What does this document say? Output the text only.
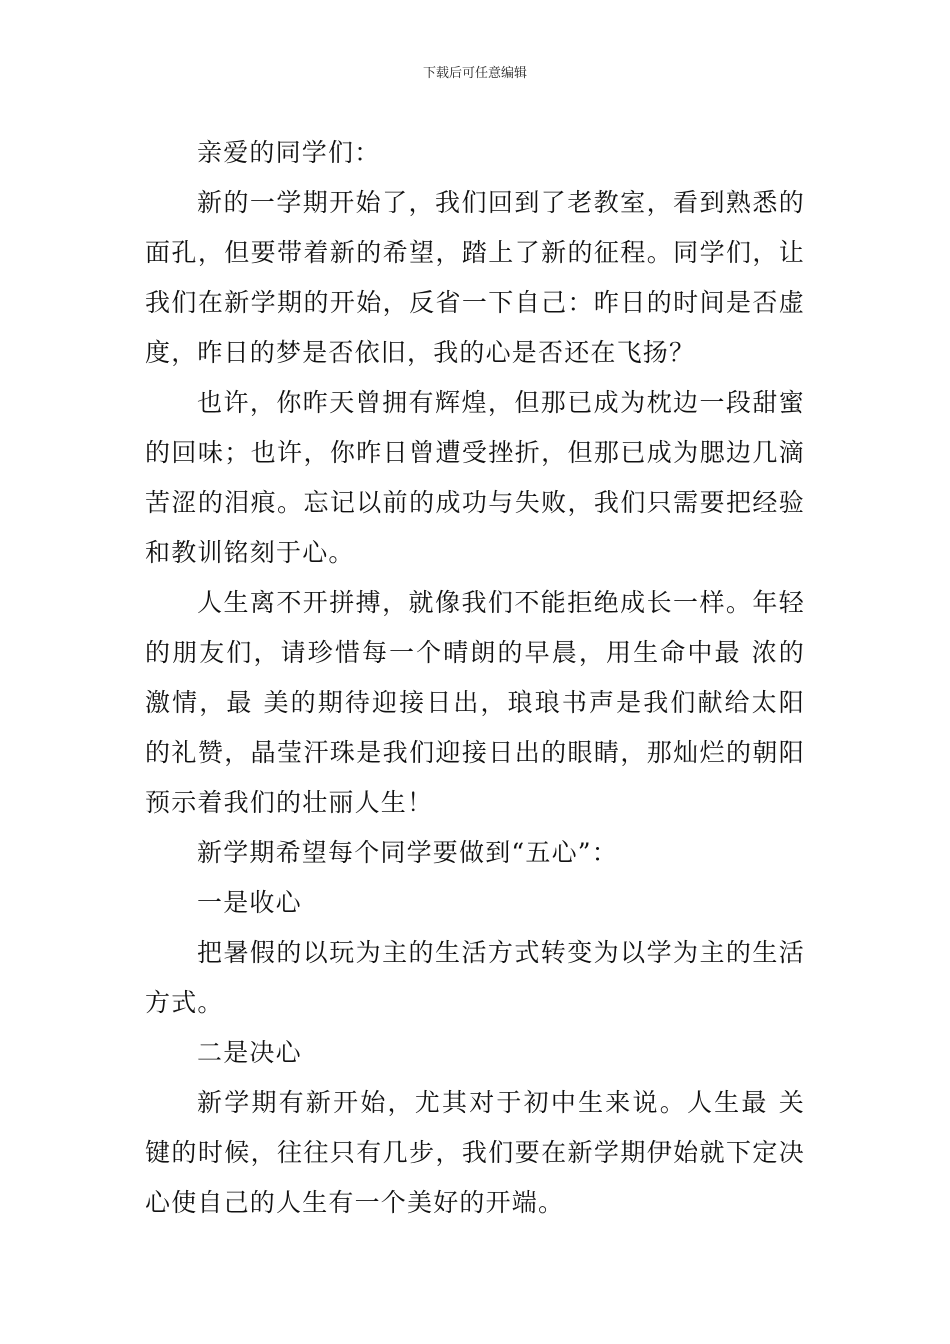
下载后可任意编辑

亲爱的同学们：

新的一学期开始了，我们回到了老教室，看到熟悉的面孔，但要带着新的希望，踏上了新的征程。同学们，让我们在新学期的开始，反省一下自己：昨日的时间是否虚度，昨日的梦是否依旧，我的心是否还在飞扬？

也许，你昨天曾拥有辉煌，但那已成为枕边一段甜蜜的回味；也许，你昨日曾遭受挫折，但那已成为腮边几滴苦涩的泪痕。忘记以前的成功与失败，我们只需要把经验和教训铭刻于心。

人生离不开拼搏，就像我们不能拒绝成长一样。年轻的朋友们，请珍惜每一个晴朗的早晨，用生命中最 浓的激情，最 美的期待迎接日出，琅琅书声是我们献给太阳的礼赞，晶莹汗珠是我们迎接日出的眼睛，那灿烂的朝阳预示着我们的壮丽人生！

新学期希望每个同学要做到“五心”：

一是收心

把暑假的以玩为主的生活方式转变为以学为主的生活方式。

二是决心

新学期有新开始，尤其对于初中生来说。人生最 关键的时候，往往只有几步，我们要在新学期伊始就下定决心使自己的人生有一个美好的开端。
